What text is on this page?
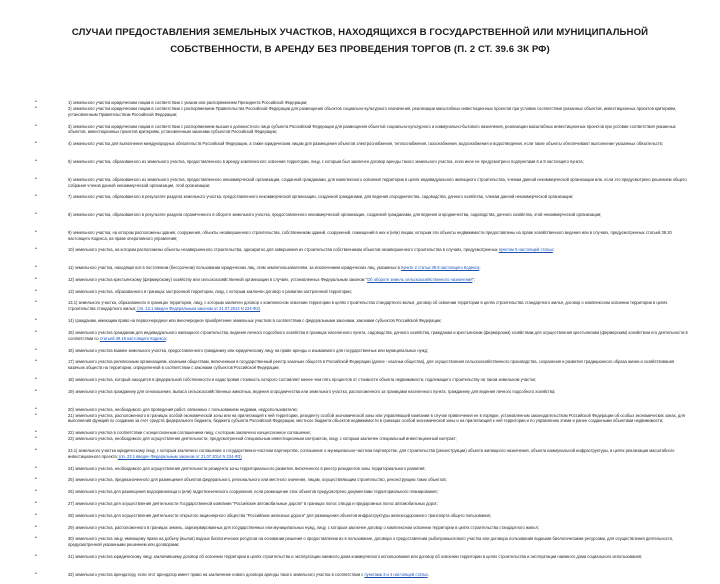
СЛУЧАИ ПРЕДОСТАВЛЕНИЯ ЗЕМЕЛЬНЫХ УЧАСТКОВ, НАХОДЯЩИХСЯ В ГОСУДАРСТВЕННОЙ ИЛИ МУНИЦИПАЛЬНОЙ СОБСТВЕННОСТИ, В АРЕНДУ БЕЗ ПРОВЕДЕНИЯ ТОРГОВ (П. 2 СТ. 39.6 ЗК РФ)
• 1) земельного участка юридическим лицам в соответствии с указом или распоряжением Президента Российской Федерации;
• 2) земельного участка юридическим лицам в соответствии с распоряжением Правительства Российской Федерации для размещения объектов социально-культурного назначения, реализации масштабных инвестиционных проектов при условии соответствия указанных объектов, инвестиционных проектов критериям, установленным Правительством Российской Федерации;
• 3) земельного участка юридическим лицам в соответствии с распоряжением высшего должностного лица субъекта Российской Федерации для размещения объектов социально-культурного и коммунально-бытового назначения, реализации масштабных инвестиционных проектов при условии соответствия указанных объектов, инвестиционных проектов критериям, установленным законами субъектов Российской Федерации;
• 4) земельного участка для выполнения международных обязательств Российской Федерации, а также юридическим лицам для размещения объектов электроснабжения, теплоснабжения, газоснабжения, водоснабжения и водоотведения, если такие объекты обеспечивают выполнение указанных обязательств;
• 5) земельного участка, образованного из земельного участка, предоставленного в аренду комплексного освоения территории, лицу, с которым был заключен договор аренды такого земельного участка, если иное не предусмотрено подпунктами 6 и 8 настоящего пункта;
• 6) земельного участка, образованного из земельного участка, предоставленного некоммерческой организации, созданной гражданами, для комплексного освоения территории в целях индивидуального жилищного строительства, членам данной некоммерческой организации или, если это предусмотрено решением общего собрания членов данной некоммерческой организации, этой организации;
• 7) земельного участка, образованного в результате раздела земельного участка, предоставленного некоммерческой организации, созданной гражданами, для ведения огородничества, садоводства, дачного хозяйства, членам данной некоммерческой организации;
• 8) земельного участка, образованного в результате раздела ограниченного в обороте земельного участка, предоставленного некоммерческой организации, созданной гражданами, для ведения огородничества, садоводства, дачного хозяйства, этой некоммерческой организации;
• 9) земельного участка, на котором расположены здания, сооружения, объекты незавершенного строительства, собственникам зданий, сооружений, помещений в них и (или) лицам, которым эти объекты недвижимости предоставлены на праве хозяйственного ведения или в случаях, предусмотренных статьей 39.20 настоящего Кодекса, на праве оперативного управления;
• 10) земельного участка, на котором расположены объекты незавершенного строительства, однократно для завершения их строительства собственникам объектов незавершенного строительства в случаях, предусмотренных пунктом 5 настоящей статьи;
• 11) земельного участка, находящегося в постоянном (бессрочном) пользовании юридических лиц, этим землепользователям, за исключением юридических лиц, указанных в пункте 2 статьи 39.9 настоящего Кодекса;
• 12) земельного участка крестьянскому (фермерскому) хозяйству или сельскохозяйственной организации в случаях, установленных Федеральным законом "Об обороте земель сельскохозяйственного назначения";
• 13) земельного участка, образованного в границах застроенной территории, лицу, с которым заключен договор о развитии застроенной территории;
• 13.1) земельного участка, образованного в границах территории, лицу, с которым заключен договор о комплексном освоении территории в целях строительства стандартного жилья, договор об освоении территории в целях строительства стандартного жилья, договор о комплексном освоении территории в целях строительства стандартного жилья; (пп. 13.1 введен Федеральным законом от 21.07.2014 N 224-ФЗ)
• 14) гражданам, имеющим право на первоочередное или внеочередное приобретение земельных участков в соответствии с федеральными законами, законами субъектов Российской Федерации;
• 15) земельного участка гражданам для индивидуального жилищного строительства, ведения личного подсобного хозяйства в границах населенного пункта, садоводства, дачного хозяйства, гражданам и крестьянским (фермерским) хозяйствам для осуществления крестьянским (фермерским) хозяйством его деятельности в соответствии со статьей 39.18 настоящего Кодекса;
• 16) земельного участка взамен земельного участка, предоставленного гражданину или юридическому лицу на праве аренды и изымаемого для государственных или муниципальных нужд;
• 17) земельного участка религиозным организациям, казачьим обществам, включенным в государственный реестр казачьих обществ в Российской Федерации (далее - казачьи общества), для осуществления сельскохозяйственного производства, сохранения и развития традиционного образа жизни и хозяйствования казачьих обществ на территории, определенной в соответствии с законами субъектов Российской Федерации;
• 18) земельного участка, который находится в федеральной собственности и кадастровая стоимость которого составляет менее чем пять процентов от стоимости объекта недвижимости, подлежащего строительству на таком земельном участке;
• 19) земельного участка гражданину для сенокошения, выпаса сельскохозяйственных животных, ведения огородничества или земельного участка, расположенного за границами населенного пункта, гражданину для ведения личного подсобного хозяйства;
• 20) земельного участка, необходимого для проведения работ, связанных с пользованием недрами, недропользователю;
• 21) земельного участка, расположенного в границах особой экономической зоны или на прилегающей к ней территории, резиденту особой экономической зоны или управляющей компании в случае привлечения ее в порядке, установленном законодательством Российской Федерации об особых экономических зонах, для выполнения функций по созданию за счет средств федерального бюджета, бюджета субъекта Российской Федерации, местного бюджета объектов недвижимости в границах особой экономической зоны и на прилегающей к ней территории и по управлению этими и ранее созданными объектами недвижимости;
• 22) земельного участка в соответствии с концессионным соглашением лицу, с которым заключено концессионное соглашение;
• 23) земельного участка, необходимого для осуществления деятельности, предусмотренной специальным инвестиционным контрактом, лицу, с которым заключен специальный инвестиционный контракт;
• 23.1) земельного участка юридическому лицу, с которым заключено соглашение о государственно-частном партнерстве, соглашение о муниципально-частном партнерстве, для строительства (реконструкции) объекта жилищного назначения, объекта коммунальной инфраструктуры, в целях реализации масштабного инвестиционного проекта; (пп. 23.1 введен Федеральным законом от 21.07.2014 N 224-ФЗ)
• 24) земельного участка, необходимого для осуществления деятельности резидента зоны территориального развития, включенного в реестр резидентов зоны территориального развития;
• 25) земельного участка, предназначенного для размещения объектов федерального, регионального или местного значения, лицам, осуществляющим строительство, реконструкцию таких объектов;
• 26) земельного участка для размещения водохранилища и (или) гидротехнического сооружения, если размещение этих объектов предусмотрено документами территориального планирования;
• 27) земельного участка для осуществления деятельности Государственной компании "Российские автомобильные дороги" в границах полос отвода и придорожных полос автомобильных дорог;
• 28) земельного участка для осуществления деятельности открытого акционерного общества "Российские железные дороги" для размещения объектов инфраструктуры железнодорожного транспорта общего пользования;
• 29) земельного участка, расположенного в границах земель, зарезервированных для государственных или муниципальных нужд, лицу, с которым заключен договор о комплексном освоении территории в целях строительства стандартного жилья;
• 30) земельного участка лицу, имеющему право на добычу (вылов) водных биологических ресурсов на основании решения о предоставлении их в пользование, договора о предоставлении рыбопромыслового участка или договора пользования водными биологическими ресурсами, для осуществления деятельности, предусмотренной указанными решением или договорами;
• 31) земельного участка юридическому лицу, заключившему договор об освоении территории в целях строительства и эксплуатации наемного дома коммерческого использования или договор об освоении территории в целях строительства и эксплуатации наемного дома социального использования;
• 32) земельного участка арендатору, если этот арендатор имеет право на заключение нового договора аренды такого земельного участка в соответствии с пунктами 3 и 4 настоящей статьи.
